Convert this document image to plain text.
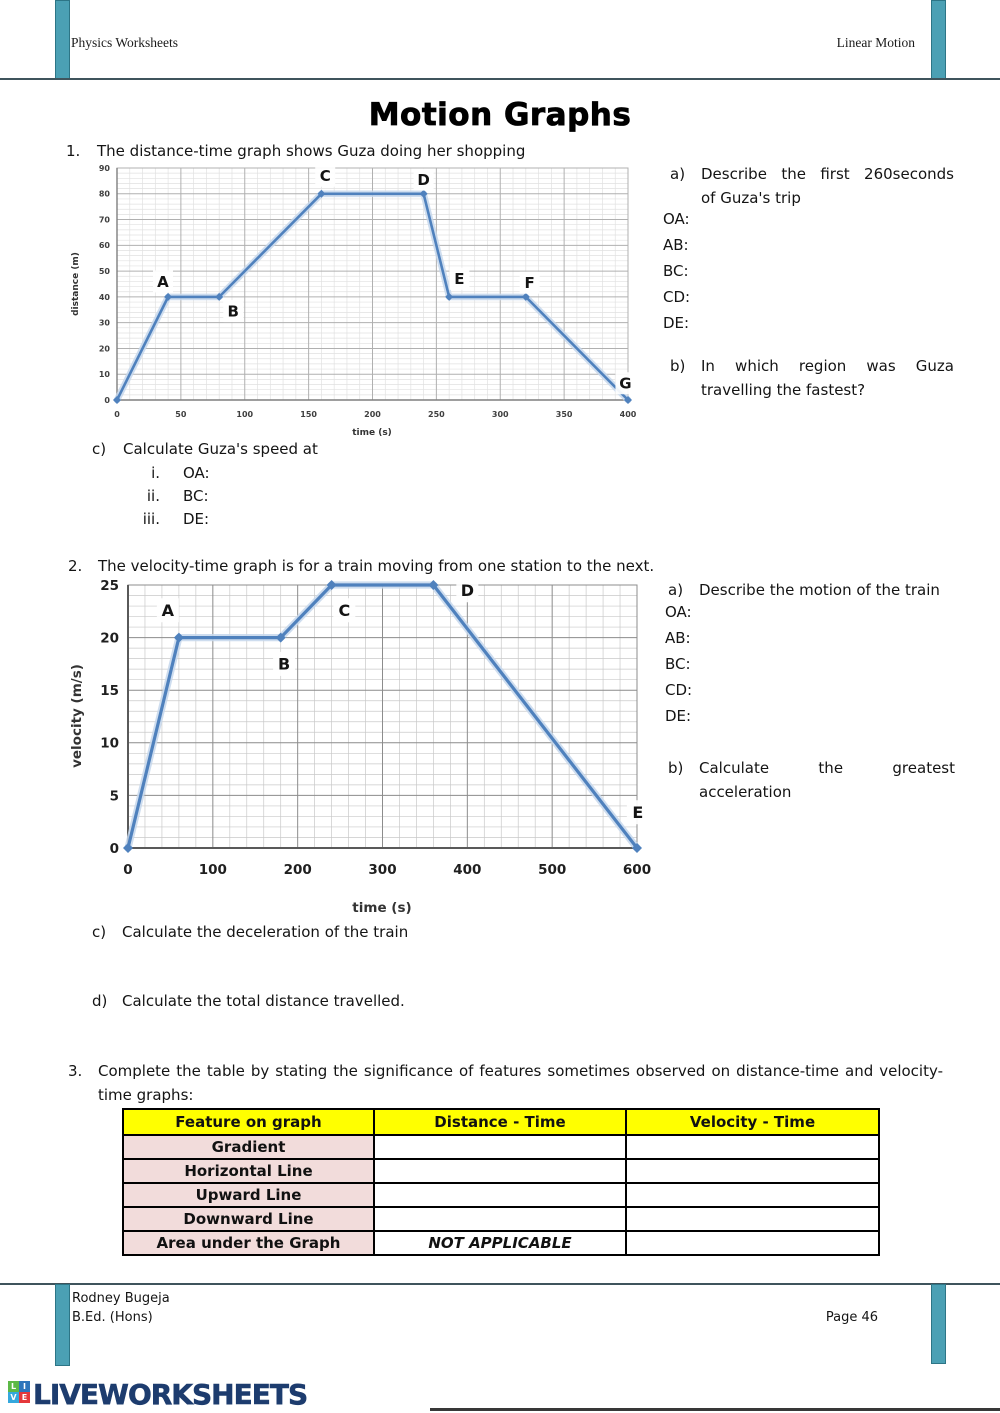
Physics Worksheets	Linear Motion
Motion Graphs
1. The distance-time graph shows Guza doing her shopping
A
B
C	D
E	F
G
0
10
20
30
40
50
60
70
80
90
0	50	100	150	200	250	300	350	400
time (s)
distance (m)
a) Describe the first 260seconds
of Guza's trip
OA:
AB:
BC:
CD:
DE:
b) In which region was Guza
travelling the fastest?
c) Calculate Guza's speed at
i. OA:
ii. BC:
iii. DE:
2. The velocity-time graph is for a train moving from one station to the next.
A
B
C
D
E
0
5
10
15
20
25
0	100	200	300	400	500	600
time (s)
velocity (m/s)
a) Describe the motion of the train
OA:
AB:
BC:
CD:
DE:
b) Calculate the greatest
acceleration
c) Calculate the deceleration of the train
d) Calculate the total distance travelled.
3. Complete the table by stating the significance of features sometimes observed on distance-time and velocity-
time graphs:
Feature on graph	Distance - Time	Velocity - Time
Gradient		
Horizontal Line		
Upward Line		
Downward Line		
Area under the Graph	NOT APPLICABLE	
Rodney Bugeja
B.Ed. (Hons)	Page 46
L I
V E LIVEWORKSHEETS
